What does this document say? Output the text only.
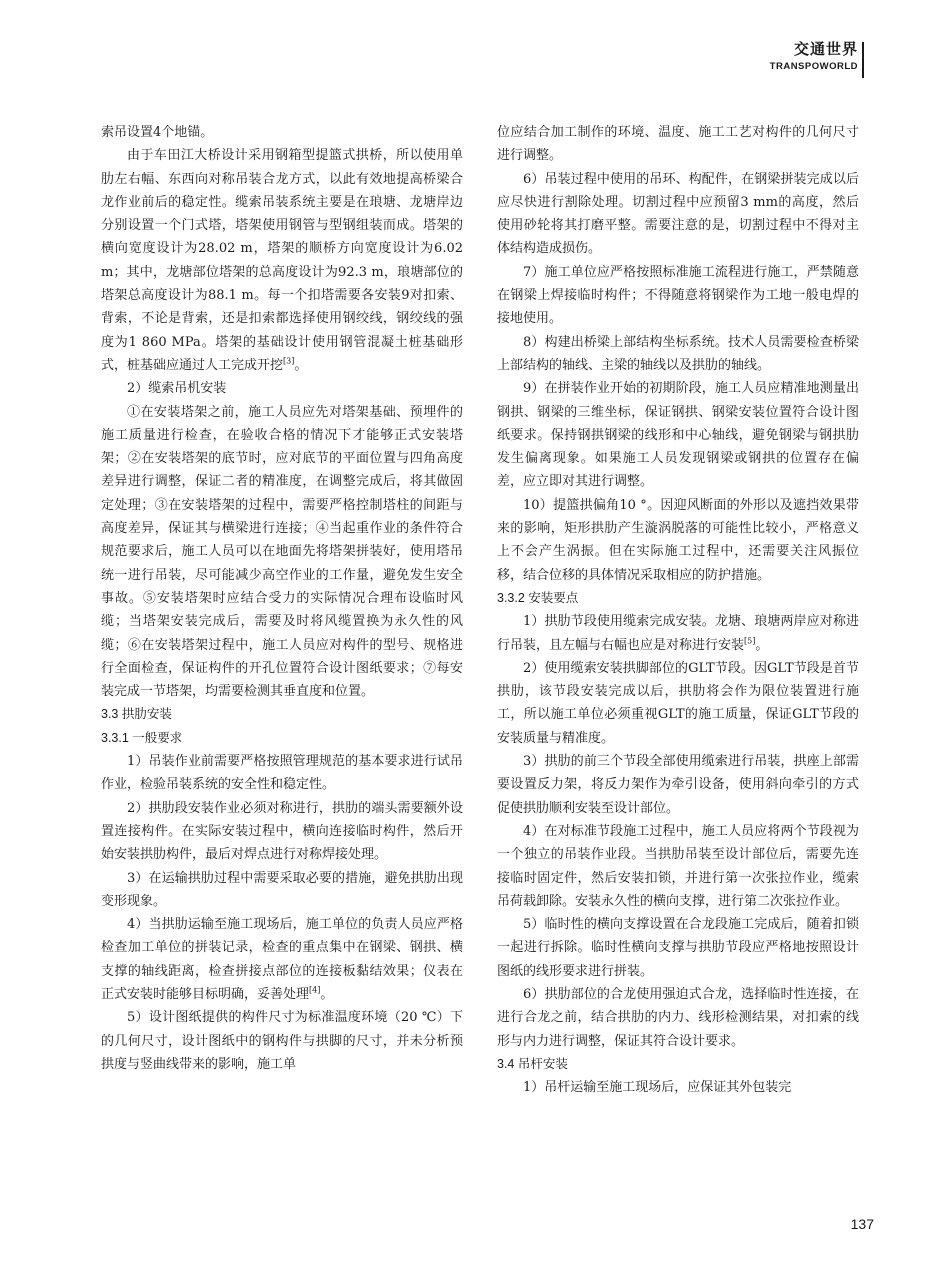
交通世界
TRANSPOWORLD

索吊设置4个地锚。

由于车田江大桥设计采用钢箱型提篮式拱桥，所以使用单肋左右幅、东西向对称吊装合龙方式，以此有效地提高桥梁合龙作业前后的稳定性。缆索吊装系统主要是在琅塘、龙塘岸边分别设置一个门式塔，塔架使用钢管与型钢组装而成。塔架的横向宽度设计为28.02 m，塔架的顺桥方向宽度设计为6.02 m；其中，龙塘部位塔架的总高度设计为92.3 m，琅塘部位的塔架总高度设计为88.1 m。每一个扣塔需要各安装9对扣索、背索，不论是背索，还是扣索都选择使用钢绞线，钢绞线的强度为1 860 MPa。塔架的基础设计使用钢管混凝土桩基础形式，桩基础应通过人工完成开挖[3]。

2）缆索吊机安装

①在安装塔架之前，施工人员应先对塔架基础、预埋件的施工质量进行检查，在验收合格的情况下才能够正式安装塔架；②在安装塔架的底节时，应对底节的平面位置与四角高度差异进行调整，保证二者的精准度，在调整完成后，将其做固定处理；③在安装塔架的过程中，需要严格控制塔柱的间距与高度差异，保证其与横梁进行连接；④当起重作业的条件符合规范要求后，施工人员可以在地面先将塔架拼装好，使用塔吊统一进行吊装，尽可能减少高空作业的工作量，避免发生安全事故。⑤安装塔架时应结合受力的实际情况合理布设临时风缆；当塔架安装完成后，需要及时将风缆置换为永久性的风缆；⑥在安装塔架过程中，施工人员应对构件的型号、规格进行全面检查，保证构件的开孔位置符合设计图纸要求；⑦每安装完成一节塔架，均需要检测其垂直度和位置。

3.3 拱肋安装

3.3.1 一般要求

1）吊装作业前需要严格按照管理规范的基本要求进行试吊作业，检验吊装系统的安全性和稳定性。

2）拱肋段安装作业必须对称进行，拱肋的端头需要额外设置连接构件。在实际安装过程中，横向连接临时构件，然后开始安装拱肋构件，最后对焊点进行对称焊接处理。

3）在运输拱肋过程中需要采取必要的措施，避免拱肋出现变形现象。

4）当拱肋运输至施工现场后，施工单位的负责人员应严格检查加工单位的拼装记录，检查的重点集中在钢梁、钢拱、横支撑的轴线距离，检查拼接点部位的连接板黏结效果；仪表在正式安装时能够目标明确，妥善处理[4]。

5）设计图纸提供的构件尺寸为标准温度环境（20 ℃）下的几何尺寸，设计图纸中的钢构件与拱脚的尺寸，并未分析预拱度与竖曲线带来的影响，施工单

位应结合加工制作的环境、温度、施工工艺对构件的几何尺寸进行调整。

6）吊装过程中使用的吊环、构配件，在钢梁拼装完成以后应尽快进行割除处理。切割过程中应预留3 mm的高度，然后使用砂轮将其打磨平整。需要注意的是，切割过程中不得对主体结构造成损伤。

7）施工单位应严格按照标准施工流程进行施工，严禁随意在钢梁上焊接临时构件；不得随意将钢梁作为工地一般电焊的接地使用。

8）构建出桥梁上部结构坐标系统。技术人员需要检查桥梁上部结构的轴线、主梁的轴线以及拱肋的轴线。

9）在拼装作业开始的初期阶段，施工人员应精准地测量出钢拱、钢梁的三维坐标，保证钢拱、钢梁安装位置符合设计图纸要求。保持钢拱钢梁的线形和中心轴线，避免钢梁与钢拱肋发生偏离现象。如果施工人员发现钢梁或钢拱的位置存在偏差，应立即对其进行调整。

10）提篮拱偏角10 °。因迎风断面的外形以及遮挡效果带来的影响，矩形拱肋产生漩涡脱落的可能性比较小，严格意义上不会产生涡振。但在实际施工过程中，还需要关注风振位移，结合位移的具体情况采取相应的防护措施。

3.3.2 安装要点

1）拱肋节段使用缆索完成安装。龙塘、琅塘两岸应对称进行吊装，且左幅与右幅也应是对称进行安装[5]。

2）使用缆索安装拱脚部位的GLT节段。因GLT节段是首节拱肋，该节段安装完成以后，拱肋将会作为限位装置进行施工，所以施工单位必须重视GLT的施工质量，保证GLT节段的安装质量与精准度。

3）拱肋的前三个节段全部使用缆索进行吊装，拱座上部需要设置反力架，将反力架作为牵引设备，使用斜向牵引的方式促使拱肋顺利安装至设计部位。

4）在对标准节段施工过程中，施工人员应将两个节段视为一个独立的吊装作业段。当拱肋吊装至设计部位后，需要先连接临时固定件，然后安装扣锁，并进行第一次张拉作业，缆索吊荷载卸除。安装永久性的横向支撑，进行第二次张拉作业。

5）临时性的横向支撑设置在合龙段施工完成后，随着扣锁一起进行拆除。临时性横向支撑与拱肋节段应严格地按照设计图纸的线形要求进行拼装。

6）拱肋部位的合龙使用强迫式合龙，选择临时性连接，在进行合龙之前，结合拱肋的内力、线形检测结果，对扣索的线形与内力进行调整，保证其符合设计要求。

3.4 吊杆安装

1）吊杆运输至施工现场后，应保证其外包装完

137
